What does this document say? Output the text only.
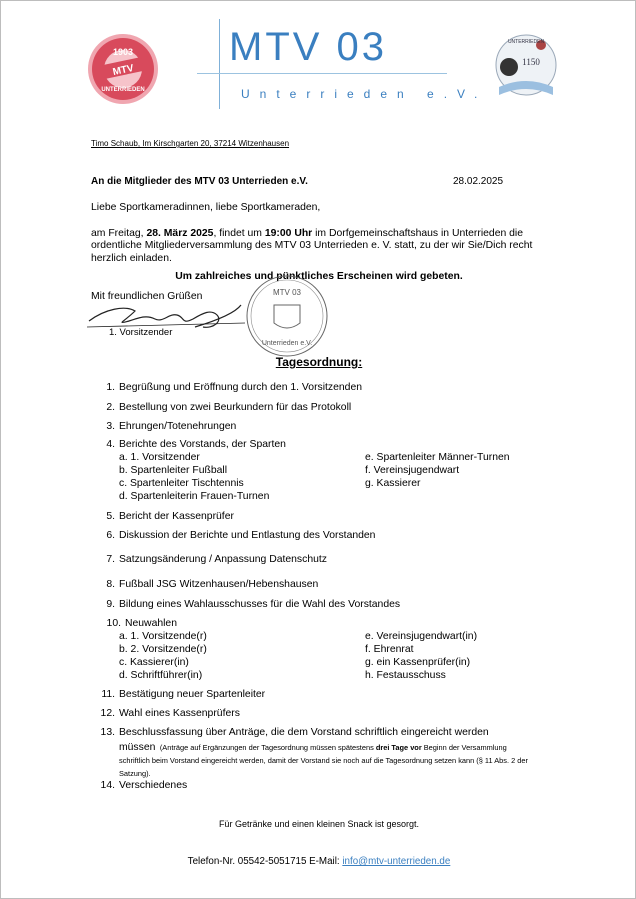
1903
MTV
UNTERRIEDEN
MTV 03
Unterrieden e.V.
UNTERRIEDEN
1150
Timo Schaub, Im Kirschgarten 20, 37214 Witzenhausen
An die Mitglieder des MTV 03 Unterrieden e.V.	28.02.2025
Liebe Sportkameradinnen, liebe Sportkameraden,
am Freitag, 28. März 2025, findet um 19:00 Uhr im Dorfgemeinschaftshaus in Unterrieden die ordentliche Mitgliederversammlung des MTV 03 Unterrieden e. V. statt, zu der wir Sie/Dich recht herzlich einladen.
Um zahlreiches und pünktliches Erscheinen wird gebeten.
Mit freundlichen Grüßen
1. Vorsitzender
MTV 03
Unterrieden e.V.
Tagesordnung:
1. Begrüßung und Eröffnung durch den 1. Vorsitzenden
2. Bestellung von zwei Beurkundern für das Protokoll
3. Ehrungen/Totenehrungen
4. Berichte des Vorstands, der Sparten
a. 1. Vorsitzender
b. Spartenleiter Fußball
c. Spartenleiter Tischtennis
d. Spartenleiterin Frauen-Turnen
e. Spartenleiter Männer-Turnen
f. Vereinsjugendwart
g. Kassierer
5. Bericht der Kassenprüfer
6. Diskussion der Berichte und Entlastung des Vorstanden
7. Satzungsänderung / Anpassung Datenschutz
8. Fußball JSG Witzenhausen/Hebenshausen
9. Bildung eines Wahlausschusses für die Wahl des Vorstandes
10. Neuwahlen
a. 1. Vorsitzende(r)
b. 2. Vorsitzende(r)
c. Kassierer(in)
d. Schriftführer(in)
e. Vereinsjugendwart(in)
f. Ehrenrat
g. ein Kassenprüfer(in)
h. Festausschuss
11. Bestätigung neuer Spartenleiter
12. Wahl eines Kassenprüfers
13. Beschlussfassung über Anträge, die dem Vorstand schriftlich eingereicht werden
müssen (Anträge auf Ergänzungen der Tagesordnung müssen spätestens drei Tage vor Beginn der Versammlung schriftlich beim Vorstand eingereicht werden, damit der Vorstand sie noch auf die Tagesordnung setzen kann (§ 11 Abs. 2 der Satzung).
14. Verschiedenes
Für Getränke und einen kleinen Snack ist gesorgt.
Telefon-Nr. 05542-5051715 E-Mail: info@mtv-unterrieden.de
